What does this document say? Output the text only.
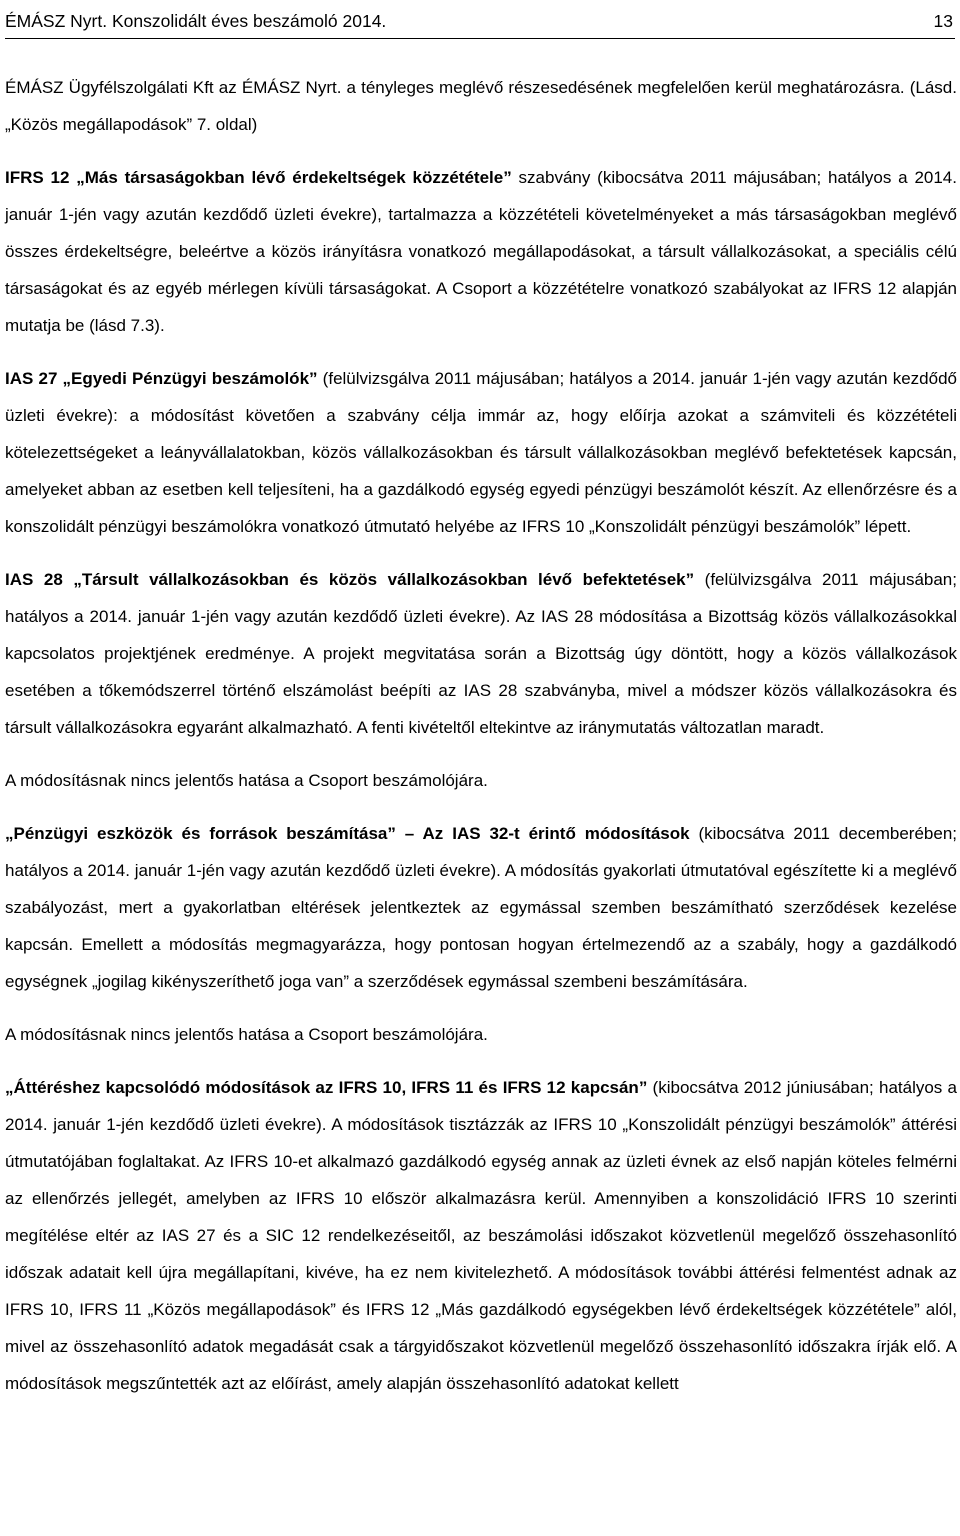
ÉMÁSZ Nyrt. Konszolidált éves beszámoló 2014.	13

ÉMÁSZ Ügyfélszolgálati Kft az ÉMÁSZ Nyrt. a tényleges meglévő részesedésének megfelelően kerül meghatározásra. (Lásd. „Közös megállapodások” 7. oldal)

IFRS 12 „Más társaságokban lévő érdekeltségek közzététele” szabvány (kibocsátva 2011 májusában; hatályos a 2014. január 1-jén vagy azután kezdődő üzleti évekre), tartalmazza a közzétételi követelményeket a más társaságokban meglévő összes érdekeltségre, beleértve a közös irányításra vonatkozó megállapodásokat, a társult vállalkozásokat, a speciális célú társaságokat és az egyéb mérlegen kívüli társaságokat. A Csoport a közzétételre vonatkozó szabályokat az IFRS 12 alapján mutatja be (lásd 7.3).

IAS 27 „Egyedi Pénzügyi beszámolók” (felülvizsgálva 2011 májusában; hatályos a 2014. január 1-jén vagy azután kezdődő üzleti évekre): a módosítást követően a szabvány célja immár az, hogy előírja azokat a számviteli és közzétételi kötelezettségeket a leányvállalatokban, közös vállalkozásokban és társult vállalkozásokban meglévő befektetések kapcsán, amelyeket abban az esetben kell teljesíteni, ha a gazdálkodó egység egyedi pénzügyi beszámolót készít. Az ellenőrzésre és a konszolidált pénzügyi beszámolókra vonatkozó útmutató helyébe az IFRS 10 „Konszolidált pénzügyi beszámolók” lépett.

IAS 28 „Társult vállalkozásokban és közös vállalkozásokban lévő befektetések” (felülvizsgálva 2011 májusában; hatályos a 2014. január 1-jén vagy azután kezdődő üzleti évekre). Az IAS 28 módosítása a Bizottság közös vállalkozásokkal kapcsolatos projektjének eredménye. A projekt megvitatása során a Bizottság úgy döntött, hogy a közös vállalkozások esetében a tőkemódszerrel történő elszámolást beépíti az IAS 28 szabványba, mivel a módszer közös vállalkozásokra és társult vállalkozásokra egyaránt alkalmazható. A fenti kivételtől eltekintve az iránymutatás változatlan maradt.

A módosításnak nincs jelentős hatása a Csoport beszámolójára.

„Pénzügyi eszközök és források beszámítása” – Az IAS 32-t érintő módosítások (kibocsátva 2011 decemberében; hatályos a 2014. január 1-jén vagy azután kezdődő üzleti évekre). A módosítás gyakorlati útmutatóval egészítette ki a meglévő szabályozást, mert a gyakorlatban eltérések jelentkeztek az egymással szemben beszámítható szerződések kezelése kapcsán. Emellett a módosítás megmagyarázza, hogy pontosan hogyan értelmezendő az a szabály, hogy a gazdálkodó egységnek „jogilag kikényszeríthető joga van” a szerződések egymással szembeni beszámítására.

A módosításnak nincs jelentős hatása a Csoport beszámolójára.

„Áttéréshez kapcsolódó módosítások az IFRS 10, IFRS 11 és IFRS 12 kapcsán” (kibocsátva 2012 júniusában; hatályos a 2014. január 1-jén kezdődő üzleti évekre). A módosítások tisztázzák az IFRS 10 „Konszolidált pénzügyi beszámolók” áttérési útmutatójában foglaltakat. Az IFRS 10-et alkalmazó gazdálkodó egység annak az üzleti évnek az első napján köteles felmérni az ellenőrzés jellegét, amelyben az IFRS 10 először alkalmazásra kerül. Amennyiben a konszolidáció IFRS 10 szerinti megítélése eltér az IAS 27 és a SIC 12 rendelkezéseitől, az beszámolási időszakot közvetlenül megelőző összehasonlító időszak adatait kell újra megállapítani, kivéve, ha ez nem kivitelezhető. A módosítások további áttérési felmentést adnak az IFRS 10, IFRS 11 „Közös megállapodások” és IFRS 12 „Más gazdálkodó egységekben lévő érdekeltségek közzététele” alól, mivel az összehasonlító adatok megadását csak a tárgyidőszakot közvetlenül megelőző összehasonlító időszakra írják elő. A módosítások megszűntették azt az előírást, amely alapján összehasonlító adatokat kellett
